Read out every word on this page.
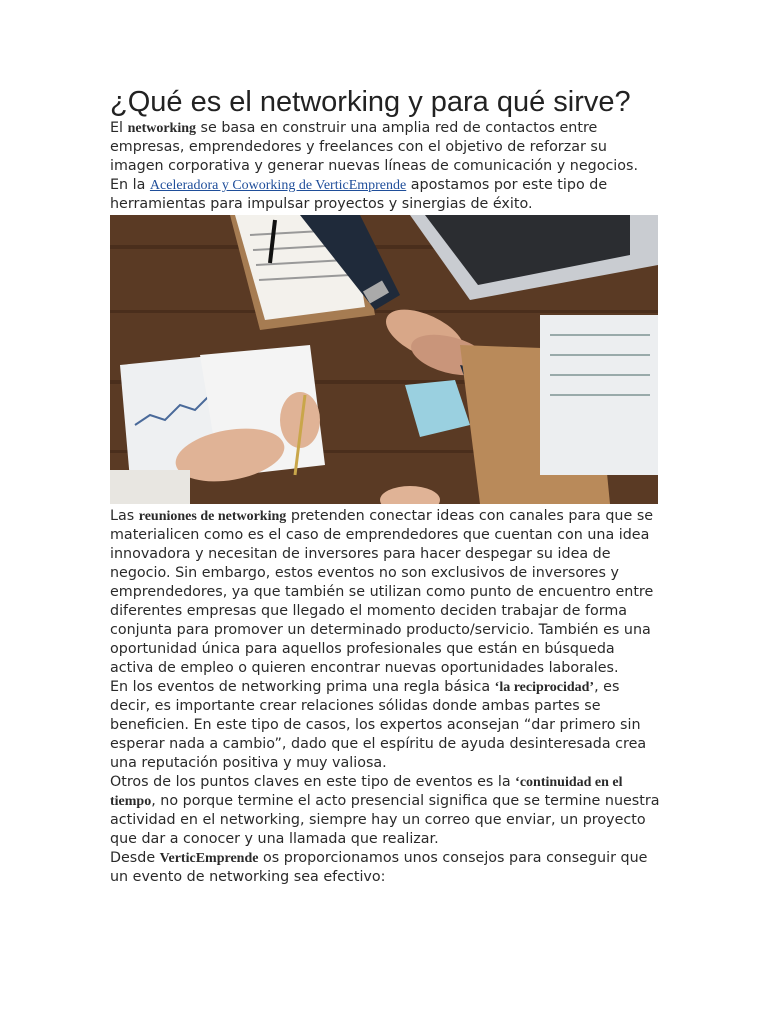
¿Qué es el networking y para qué sirve?

El networking se basa en construir una amplia red de contactos entre empresas, emprendedores y freelances con el objetivo de reforzar su imagen corporativa y generar nuevas líneas de comunicación y negocios. En la Aceleradora y Coworking de VerticEmprende apostamos por este tipo de herramientas para impulsar proyectos y sinergias de éxito.

Las reuniones de networking pretenden conectar ideas con canales para que se materialicen como es el caso de emprendedores que cuentan con una idea innovadora y necesitan de inversores para hacer despegar su idea de negocio. Sin embargo, estos eventos no son exclusivos de inversores y emprendedores, ya que también se utilizan como punto de encuentro entre diferentes empresas que llegado el momento deciden trabajar de forma conjunta para promover un determinado producto/servicio. También es una oportunidad única para aquellos profesionales que están en búsqueda activa de empleo o quieren encontrar nuevas oportunidades laborales.

En los eventos de networking prima una regla básica ‘la reciprocidad’, es decir, es importante crear relaciones sólidas donde ambas partes se beneficien. En este tipo de casos, los expertos aconsejan “dar primero sin esperar nada a cambio”, dado que el espíritu de ayuda desinteresada crea una reputación positiva y muy valiosa.

Otros de los puntos claves en este tipo de eventos es la ‘continuidad en el tiempo, no porque termine el acto presencial significa que se termine nuestra actividad en el networking, siempre hay un correo que enviar, un proyecto que dar a conocer y una llamada que realizar.

Desde VerticEmprende os proporcionamos unos consejos para conseguir que un evento de networking sea efectivo:
